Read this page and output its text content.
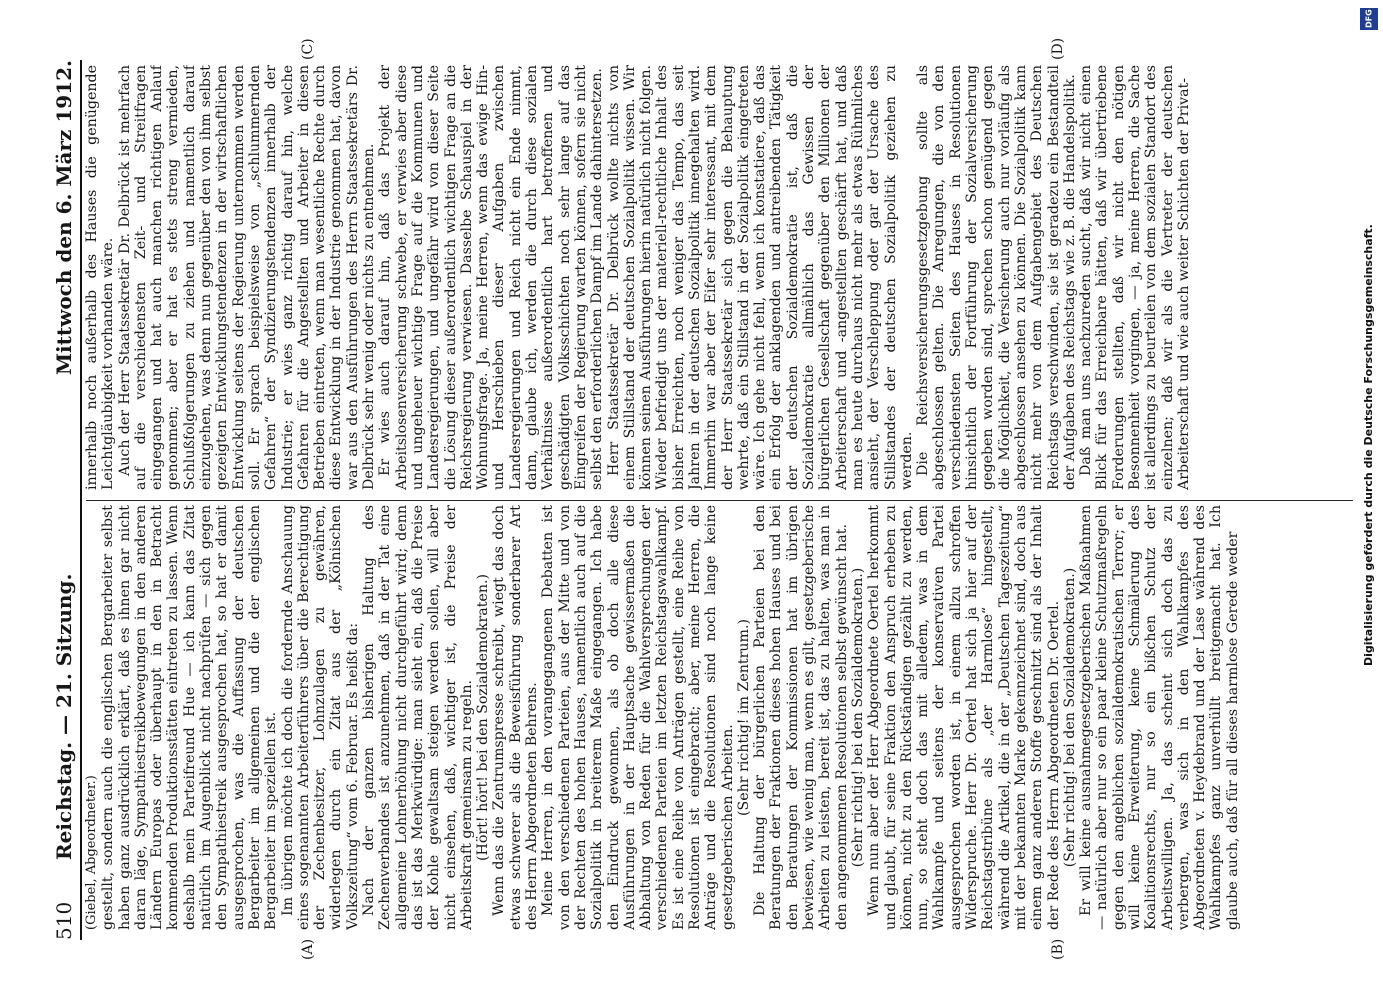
510
Reichstag. — 21. Sitzung.
Mittwoch den 6. März 1912.
(A)	(B)
(C)	(D)

(Giebel, Abgeordneter.) gestellt, sondern auch die englischen Bergarbeiter selbst haben ganz ausdrücklich erklärt, daß es ihnen gar nicht daran läge, Sympathiestreikbewegungen in den anderen Ländern Europas oder überhaupt in den in Betracht kommenden Produktionsstätten eintreten zu lassen. Wenn deshalb mein Parteifreund Hue — ich kann das Zitat natürlich im Augenblick nicht nachprüfen — sich gegen den Sympathiestreik ausgesprochen hat, so hat er damit ausgesprochen, was die Auffassung der deutschen Bergarbeiter im allgemeinen und die der englischen Bergarbeiter im speziellen ist. Im übrigen möchte ich doch die fordernde Anschauung eines sogenannten Arbeiterführers über die Berechtigung der Zechenbesitzer, Lohnzulagen zu gewähren, widerlegen durch ein Zitat aus der „Kölnischen Volkszeitung“ vom 6. Februar. Es heißt da: Nach der ganzen bisherigen Haltung des Zechenverbandes ist anzunehmen, daß in der Tat eine allgemeine Lohnerhöhung nicht durchgeführt wird; denn das ist das Merkwürdige: man sieht ein, daß die Preise der Kohle gewaltsam steigen werden sollen, will aber nicht einsehen, daß, wichtiger ist, die Preise der Arbeitskraft gemeinsam zu regeln. (Hört! hört! bei den Sozialdemokraten.) Wenn das die Zentrumspresse schreibt, wiegt das doch etwas schwerer als die Beweisführung sonderbarer Art des Herrn Abgeordneten Behrens. Meine Herren, in den vorangegangenen Debatten ist von den verschiedenen Parteien, aus der Mitte und von der Rechten des hohen Hauses, namentlich auch auf die Sozialpolitik in breiterem Maße eingegangen. Ich habe den Eindruck gewonnen, als ob doch alle diese Ausführungen in der Hauptsache gewissermaßen die Abhaltung von Reden für die Wahlversprechungen der verschiedenen Parteien im letzten Reichstagswahlkampf. Es ist eine Reihe von Anträgen gestellt, eine Reihe von Resolutionen ist eingebracht; aber, meine Herren, die Anträge und die Resolutionen sind noch lange keine gesetzgeberischen Arbeiten.

(Sehr richtig! im Zentrum.) Die Haltung der bürgerlichen Parteien bei den Beratungen der Fraktionen dieses hohen Hauses und bei den Beratungen der Kommissionen hat im übrigen bewiesen, wie wenig man, wenn es gilt, gesetzgeberische Arbeiten zu leisten, bereit ist, das zu halten, was man in den angenommenen Resolutionen selbst gewünscht hat. (Sehr richtig! bei den Sozialdemokraten.) Wenn nun aber der Herr Abgeordnete Oertel herkommt und glaubt, für seine Fraktion den Anspruch erheben zu können, nicht zu den Rückständigen gezählt zu werden, nun, so steht doch das mit alledem, was in dem Wahlkampfe und seitens der konservativen Partei ausgesprochen worden ist, in einem allzu schroffen Widerspruche. Herr Dr. Oertel hat sich ja hier auf der Reichstagstribüne als „der Harmlose“ hingestellt, während die Artikel, die in der „Deutschen Tageszeitung“ mit der bekannten Marke gekennzeichnet sind, doch aus einem ganz anderen Stoffe geschnitzt sind als der Inhalt der Rede des Herrn Abgeordneten Dr. Oertel. (Sehr richtig! bei den Sozialdemokraten.) Er will keine ausnahmegesetzgeberischen Maßnahmen — natürlich aber nur so ein paar kleine Schutzmaßregeln gegen den angeblichen sozialdemokratischen Terror; er will keine Erweiterung, keine Schmälerung des Koalitionsrechts, nur so ein bißchen Schutz der Arbeitswilligen. Ja, das scheint sich doch das zu verbergen, was sich in den Wahlkampfes des Abgeordneten v. Heydebrand und der Lase während des Wahlkampfes ganz unverhüllt breitgemacht hat. Ich glaube auch, daß für all dieses harmlose Gerede weder

innerhalb noch außerhalb des Hauses die genügende Leichtgläubigkeit vorhanden wäre. Auch der Herr Staatssekretär Dr. Delbrück ist mehrfach auf die verschiedensten Zeit- und Streitfragen eingegangen und hat auch manchen richtigen Anlauf genommen; aber er hat es stets streng vermieden, Schlußfolgerungen zu ziehen und namentlich darauf einzugehen, was denn nun gegenüber den von ihm selbst gezeigten Entwicklungstendenzen in der wirtschaftlichen Entwicklung seitens der Regierung unternommen werden soll. Er sprach beispielsweise von „schlummernden Gefahren“ der Syndizierungstendenzen innerhalb der Industrie; er wies ganz richtig darauf hin, welche Gefahren für die Angestellten und Arbeiter in diesen Betrieben eintreten, wenn man wesentliche Rechte durch diese Entwicklung in der Industrie genommen hat, davon war aus den Ausführungen des Herrn Staatssekretärs Dr. Delbrück sehr wenig oder nichts zu entnehmen. Er wies auch darauf hin, daß das Projekt der Arbeitslosenversicherung schwebe, er verwies aber diese und ungeheuer wichtige Frage auf die Kommunen und Landesregierungen, und ungefähr wird von dieser Seite die Lösung dieser außerordentlich wichtigen Frage an die Reichsregierung verwiesen. Dasselbe Schauspiel in der Wohnungsfrage. Ja, meine Herren, wenn das ewige Hin- und Herschieben dieser Aufgaben zwischen Landesregierungen und Reich nicht ein Ende nimmt, dann, glaube ich, werden die durch diese sozialen Verhältnisse außerordentlich hart betroffenen und geschädigten Volksschichten noch sehr lange auf das Eingreifen der Regierung warten können, sofern sie nicht selbst den erforderlichen Dampf im Lande dahintersetzen. Herr Staatssekretär Dr. Delbrück wollte nichts von einem Stillstand der deutschen Sozialpolitik wissen. Wir können seinen Ausführungen hierin natürlich nicht folgen. Wieder befriedigt uns der materiell-rechtliche Inhalt des bisher Erreichten, noch weniger das Tempo, das seit Jahren in der deutschen Sozialpolitik innegehalten wird. Immerhin war aber der Eifer sehr interessant, mit dem der Herr Staatssekretär sich gegen die Behauptung wehrte, daß ein Stillstand in der Sozialpolitik eingetreten wäre. Ich gehe nicht fehl, wenn ich konstatiere, daß das ein Erfolg der anklagenden und antreibenden Tätigkeit der deutschen Sozialdemokratie ist, daß die Sozialdemokratie allmählich das Gewissen der bürgerlichen Gesellschaft gegenüber den Millionen der Arbeiterschaft und -angestellten geschärft hat, und daß man es heute durchaus nicht mehr als etwas Rühmliches ansieht, der Verschleppung oder gar der Ursache des Stillstandes der deutschen Sozialpolitik geziehen zu werden. Die Reichsversicherungsgesetzgebung sollte als abgeschlossen gelten. Die Anregungen, die von den verschiedensten Seiten des Hauses in Resolutionen hinsichtlich der Fortführung der Sozialversicherung gegeben worden sind, sprechen schon genügend gegen die Möglichkeit, die Versicherung auch nur vorläufig als abgeschlossen ansehen zu können. Die Sozialpolitik kann nicht mehr von dem Aufgabengebiet des Deutschen Reichstags verschwinden, sie ist geradezu ein Bestandteil der Aufgaben des Reichstags wie z. B. die Handelspolitik. Daß man uns nachzureden sucht, daß wir nicht einen Blick für das Erreichbare hätten, daß wir übertriebene Forderungen stellten, daß wir nicht den nötigen Besonnenheit vorgingen, — ja, meine Herren, die Sache ist allerdings zu beurteilen von dem sozialen Standort des einzelnen; daß wir als die Vertreter der deutschen Arbeiterschaft und wie auch weiter Schichten der Privat-

DFG
Digitalisierung gefördert durch die Deutsche Forschungsgemeinschaft.
